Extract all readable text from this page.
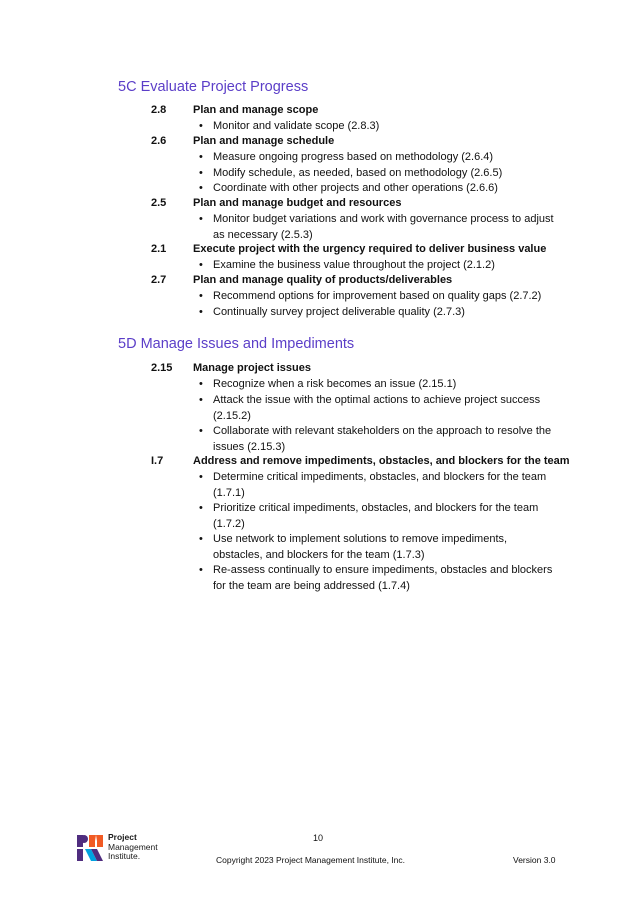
5C Evaluate Project Progress
2.8 Plan and manage scope
• Monitor and validate scope (2.8.3)
2.6 Plan and manage schedule
• Measure ongoing progress based on methodology (2.6.4)
• Modify schedule, as needed, based on methodology (2.6.5)
• Coordinate with other projects and other operations (2.6.6)
2.5 Plan and manage budget and resources
• Monitor budget variations and work with governance process to adjust as necessary (2.5.3)
2.1 Execute project with the urgency required to deliver business value
• Examine the business value throughout the project (2.1.2)
2.7 Plan and manage quality of products/deliverables
• Recommend options for improvement based on quality gaps (2.7.2)
• Continually survey project deliverable quality (2.7.3)
5D Manage Issues and Impediments
2.15 Manage project issues
• Recognize when a risk becomes an issue (2.15.1)
• Attack the issue with the optimal actions to achieve project success (2.15.2)
• Collaborate with relevant stakeholders on the approach to resolve the issues (2.15.3)
I.7	Address and remove impediments, obstacles, and blockers for the team
• Determine critical impediments, obstacles, and blockers for the team (1.7.1)
• Prioritize critical impediments, obstacles, and blockers for the team (1.7.2)
• Use network to implement solutions to remove impediments, obstacles, and blockers for the team (1.7.3)
• Re-assess continually to ensure impediments, obstacles and blockers for the team are being addressed (1.7.4)
Project
Management
Institute.
10
Copyright 2023 Project Management Institute, Inc.	Version 3.0
